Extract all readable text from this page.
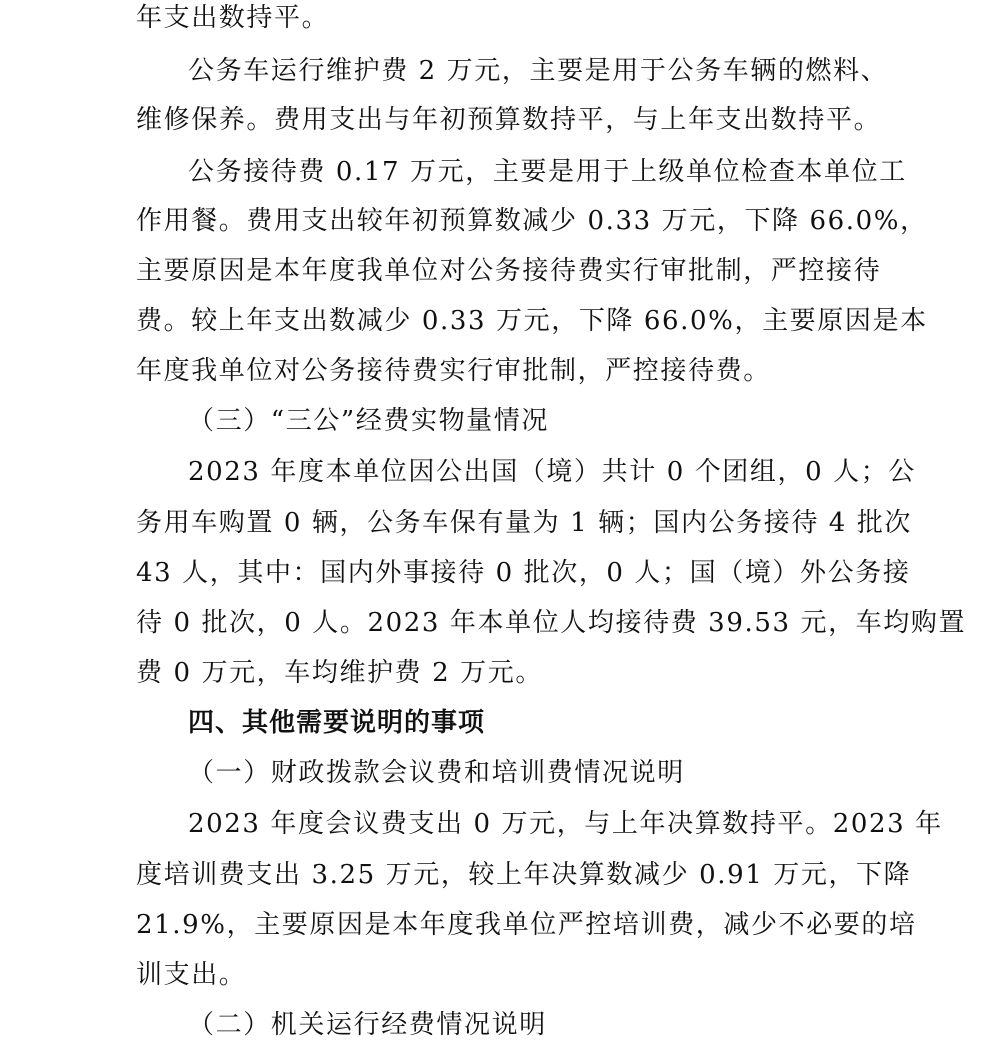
年支出数持平。
公务车运行维护费 2 万元，主要是用于公务车辆的燃料、
维修保养。费用支出与年初预算数持平，与上年支出数持平。
公务接待费 0.17 万元，主要是用于上级单位检查本单位工
作用餐。费用支出较年初预算数减少 0.33 万元，下降 66.0%，
主要原因是本年度我单位对公务接待费实行审批制，严控接待
费。较上年支出数减少 0.33 万元，下降 66.0%，主要原因是本
年度我单位对公务接待费实行审批制，严控接待费。
（三）“三公”经费实物量情况
2023 年度本单位因公出国（境）共计 0 个团组，0 人；公
务用车购置 0 辆，公务车保有量为 1 辆；国内公务接待 4 批次
43 人，其中：国内外事接待 0 批次，0 人；国（境）外公务接
待 0 批次，0 人。2023 年本单位人均接待费 39.53 元，车均购置
费 0 万元，车均维护费 2 万元。
四、其他需要说明的事项
（一）财政拨款会议费和培训费情况说明
2023 年度会议费支出 0 万元，与上年决算数持平。2023 年
度培训费支出 3.25 万元，较上年决算数减少 0.91 万元，下降
21.9%，主要原因是本年度我单位严控培训费，减少不必要的培
训支出。
（二）机关运行经费情况说明
